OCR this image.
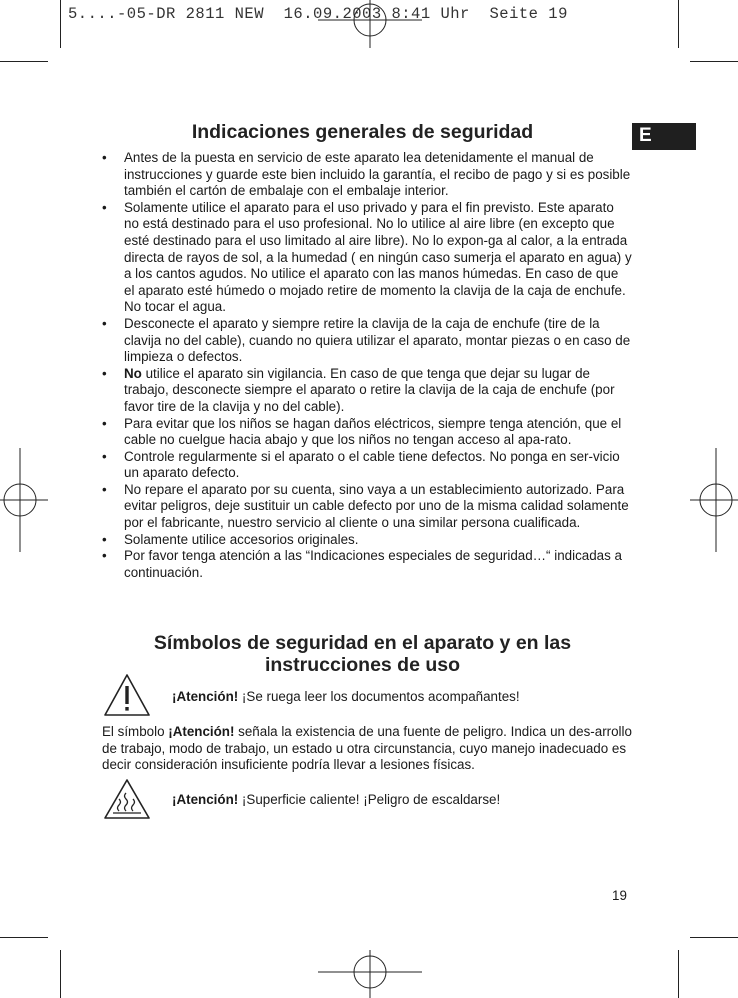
5....-05-DR 2811 NEW  16.09.2003 8:41 Uhr  Seite 19
E
Indicaciones generales de seguridad
• Antes de la puesta en servicio de este aparato lea detenidamente el manual de instrucciones y guarde este bien incluido la garantía, el recibo de pago y si es posible también el cartón de embalaje con el embalaje interior.
• Solamente utilice el aparato para el uso privado y para el fin previsto. Este aparato no está destinado para el uso profesional. No lo utilice al aire libre (en excepto que esté destinado para el uso limitado al aire libre). No lo expon-ga al calor, a la entrada directa de rayos de sol, a la humedad ( en ningún caso sumerja el aparato en agua) y a los cantos agudos. No utilice el aparato con las manos húmedas. En caso de que el aparato esté húmedo o mojado retire de momento la clavija de la caja de enchufe. No tocar el agua.
• Desconecte el aparato y siempre retire la clavija de la caja de enchufe (tire de la clavija no del cable), cuando no quiera utilizar el aparato, montar piezas o en caso de limpieza o defectos.
• No utilice el aparato sin vigilancia. En caso de que tenga que dejar su lugar de trabajo, desconecte siempre el aparato o retire la clavija de la caja de enchufe (por favor tire de la clavija y no del cable).
• Para evitar que los niños se hagan daños eléctricos, siempre tenga atención, que el cable no cuelgue hacia abajo y que los niños no tengan acceso al apa-rato.
• Controle regularmente si el aparato o el cable tiene defectos. No ponga en ser-vicio un aparato defecto.
• No repare el aparato por su cuenta, sino vaya a un establecimiento autorizado. Para evitar peligros, deje sustituir un cable defecto por uno de la misma calidad solamente por el fabricante, nuestro servicio al cliente o una similar persona cualificada.
• Solamente utilice accesorios originales.
• Por favor tenga atención a las “Indicaciones especiales de seguridad…“ indicadas a continuación.
Símbolos de seguridad en el aparato y en las
instrucciones de uso
¡Atención! ¡Se ruega leer los documentos acompañantes!
El símbolo ¡Atención! señala la existencia de una fuente de peligro. Indica un des-arrollo de trabajo, modo de trabajo, un estado u otra circunstancia, cuyo manejo inadecuado es decir consideración insuficiente podría llevar a lesiones físicas.
¡Atención! ¡Superficie caliente! ¡Peligro de escaldarse!
19
